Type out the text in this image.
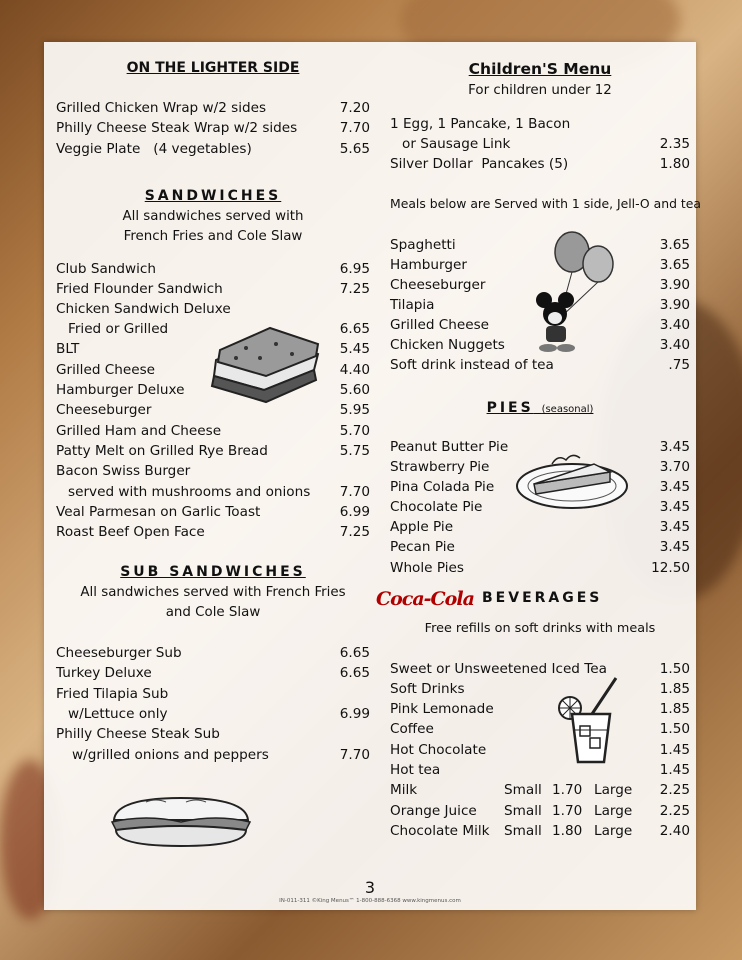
ON THE LIGHTER SIDE
Grilled Chicken Wrap w/2 sides	7.20
Philly Cheese Steak Wrap w/2 sides	7.70
Veggie Plate   (4 vegetables)	5.65
SANDWICHES
All sandwiches served with
French Fries and Cole Slaw
Club Sandwich	6.95
Fried Flounder Sandwich	7.25
Chicken Sandwich Deluxe
Fried or Grilled	6.65
BLT	5.45
Grilled Cheese	4.40
Hamburger Deluxe	5.60
Cheeseburger	5.95
Grilled Ham and Cheese	5.70
Patty Melt on Grilled Rye Bread	5.75
Bacon Swiss Burger
served with mushrooms and onions 7.70
Veal Parmesan on Garlic Toast	6.99
Roast Beef Open Face	7.25
SUB SANDWICHES
All sandwiches served with French Fries
and Cole Slaw
Cheeseburger Sub	6.65
Turkey Deluxe	6.65
Fried Tilapia Sub
w/Lettuce only	6.99
Philly Cheese Steak Sub
w/grilled onions and peppers	7.70
Children'S Menu
For children under 12
1 Egg, 1 Pancake, 1 Bacon
or Sausage Link	2.35
Silver Dollar  Pancakes (5)	1.80
Meals below are Served with 1 side, Jell-O and tea
Spaghetti	3.65
Hamburger	3.65
Cheeseburger	3.90
Tilapia	3.90
Grilled Cheese	3.40
Chicken Nuggets	3.40
Soft drink instead of tea	.75
PIES (seasonal)
Peanut Butter Pie	3.45
Strawberry Pie	3.70
Pina Colada Pie	3.45
Chocolate Pie	3.45
Apple Pie	3.45
Pecan Pie	3.45
Whole Pies	12.50
Coca-Cola BEVERAGES
Free refills on soft drinks with meals
Sweet or Unsweetened Iced Tea	1.50
Soft Drinks	1.85
Pink Lemonade	1.85
Coffee	1.50
Hot Chocolate	1.45
Hot tea	1.45
Milk	Small 1.70 Large 2.25
Orange Juice Small 1.70 Large 2.25
Chocolate Milk Small 1.80 Large 2.40
3
IN-011-311 ©King Menus™ 1-800-888-6368 www.kingmenus.com
